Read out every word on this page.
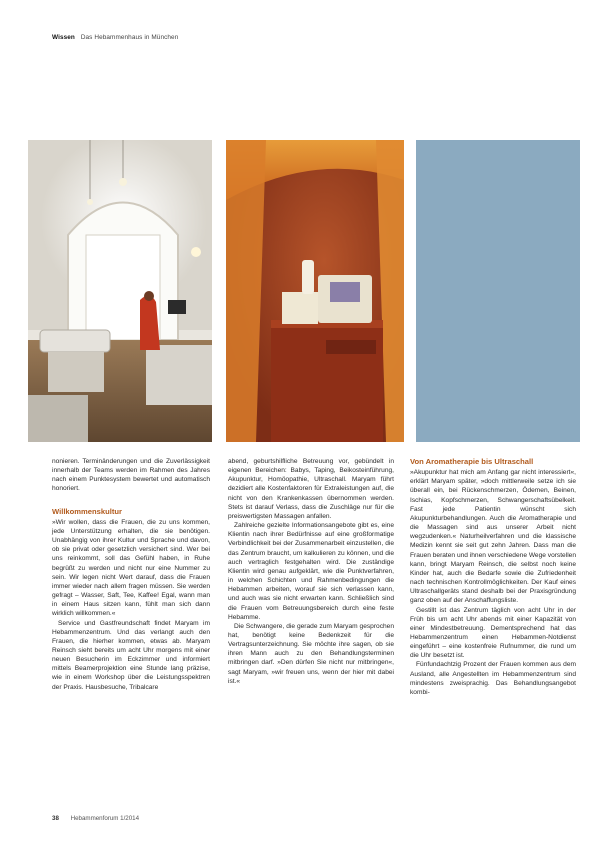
Wissen Das Hebammenhaus in München

nonieren. Terminänderungen und die Zuverlässigkeit innerhalb der Teams werden im Rahmen des Jahres nach einem Punktesystem bewertet und automatisch honoriert.

Willkommenskultur

»Wir wollen, dass die Frauen, die zu uns kommen, jede Unterstützung erhalten, die sie benötigen. Unabhängig von ihrer Kultur und Sprache und davon, ob sie privat oder gesetzlich versichert sind. Wer bei uns reinkommt, soll das Gefühl haben, in Ruhe begrüßt zu werden und nicht nur eine Nummer zu sein. Wir legen nicht Wert darauf, dass die Frauen immer wieder nach allem fragen müssen. Sie werden gefragt – Wasser, Saft, Tee, Kaffee! Egal, wann man in einem Haus sitzen kann, fühlt man sich dann wirklich willkommen.«

Service und Gastfreundschaft findet Maryam im Hebammenzentrum. Und das verlangt auch den Frauen, die hierher kommen, etwas ab. Maryam Reinsch sieht bereits um acht Uhr morgens mit einer neuen Besucherin im Eckzimmer und informiert mittels Beamerprojektion eine Stunde lang präzise, wie in einem Workshop über die Leistungsspektren der Praxis. Hausbesuche, Tribalcare

abend, geburtshilfliche Betreuung vor, gebündelt in eigenen Bereichen: Babys, Taping, Beikosteinführung, Akupunktur, Homöopathie, Ultraschall. Maryam führt dezidiert alle Kostenfaktoren für Extraleistungen auf, die nicht von den Krankenkassen übernommen werden. Stets ist darauf Verlass, dass die Zuschläge nur für die preiswertigsten Massagen anfallen.

Zahlreiche gezielte Informationsangebote gibt es, eine Klientin nach ihrer Bedürfnisse auf eine großformatige Verbindlichkeit bei der Zusammenarbeit einzustellen, die das Zentrum braucht, um kalkulieren zu können, und die auch vertraglich festgehalten wird. Die zuständige Klientin wird genau aufgeklärt, wie die Punktverfahren, in welchen Schichten und Rahmenbedingungen die Hebammen arbeiten, worauf sie sich verlassen kann, und auch was sie nicht erwarten kann. Schließlich sind die Frauen vom Betreuungsbereich durch eine feste Hebamme.

Die Schwangere, die gerade zum Maryam gesprochen hat, benötigt keine Bedenkzeit für die Vertragsunterzeichnung. Sie möchte ihre sagen, ob sie ihren Mann auch zu den Behandlungsterminen mitbringen darf. »Den dürfen Sie nicht nur mitbringen«, sagt Maryam, »wir freuen uns, wenn der hier mit dabei ist.«

Von Aromatherapie bis Ultraschall

»Akupunktur hat mich am Anfang gar nicht interessiert«, erklärt Maryam später, »doch mittlerweile setze ich sie überall ein, bei Rückenschmerzen, Ödemen, Beinen, Ischias, Kopfschmerzen, Schwangerschaftsübelkeit. Fast jede Patientin wünscht sich Akupunkturbehandlungen. Auch die Aromatherapie und die Massagen sind aus unserer Arbeit nicht wegzudenken.« Naturheilverfahren und die klassische Medizin kennt sie seit gut zehn Jahren. Dass man die Frauen beraten und ihnen verschiedene Wege vorstellen kann, bringt Maryam Reinsch, die selbst noch keine Kinder hat, auch die Bedarfe sowie die Zufriedenheit nach technischen Kontrollmöglichkeiten. Der Kauf eines Ultraschallgeräts stand deshalb bei der Praxisgründung ganz oben auf der Anschaffungsliste.

Gestillt ist das Zentrum täglich von acht Uhr in der Früh bis um acht Uhr abends mit einer Kapazität von einer Mindestbetreuung. Dementsprechend hat das Hebammenzentrum einen Hebammen-Notdienst eingeführt – eine kostenfreie Rufnummer, die rund um die Uhr besetzt ist.

Fünfundachtzig Prozent der Frauen kommen aus dem Ausland, alle Angestellten im Hebammenzentrum sind mindestens zweisprachig. Das Behandlungsangebot kombi-

38 Hebammenforum 1/2014
